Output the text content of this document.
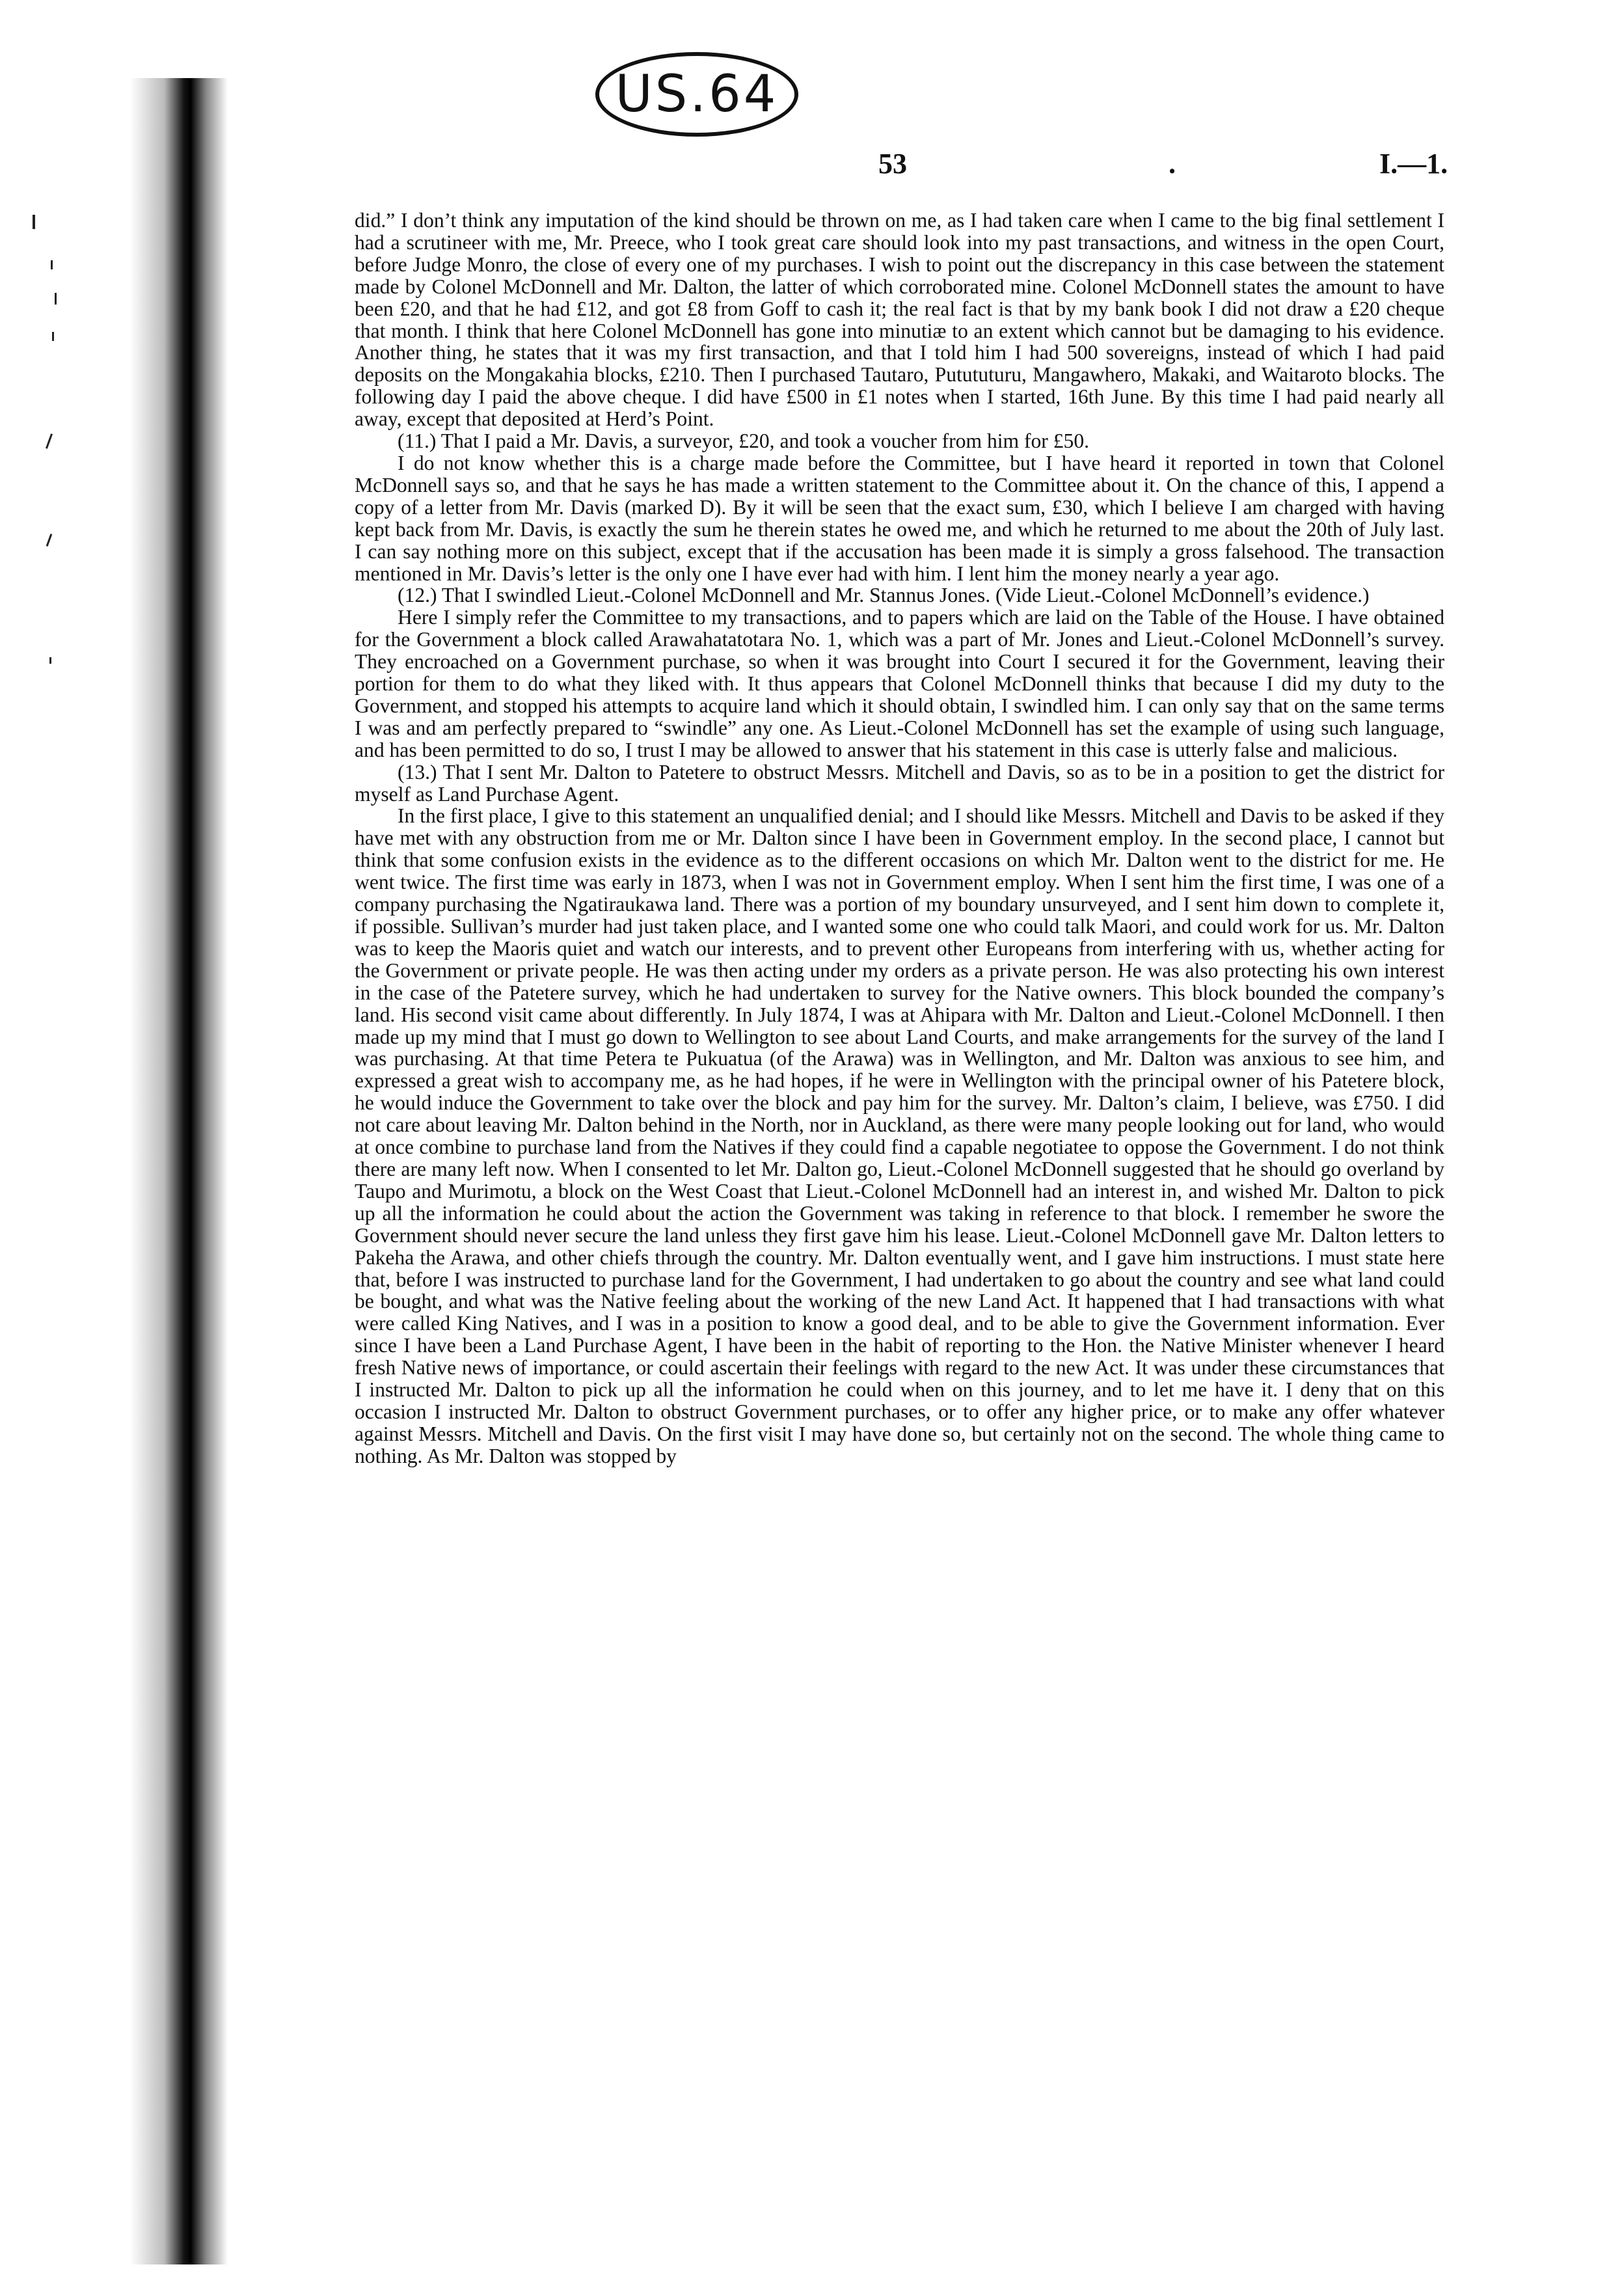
US.64
53	.	I.—1.

did.” I don’t think any imputation of the kind should be thrown on me, as I had taken care when I came to the big final settlement I had a scrutineer with me, Mr. Preece, who I took great care should look into my past transactions, and witness in the open Court, before Judge Monro, the close of every one of my purchases. I wish to point out the discrepancy in this case between the statement made by Colonel McDonnell and Mr. Dalton, the latter of which corroborated mine. Colonel McDonnell states the amount to have been £20, and that he had £12, and got £8 from Goff to cash it; the real fact is that by my bank book I did not draw a £20 cheque that month. I think that here Colonel McDonnell has gone into minutiæ to an extent which cannot but be damaging to his evidence. Another thing, he states that it was my first transaction, and that I told him I had 500 sovereigns, instead of which I had paid deposits on the Mongakahia blocks, £210. Then I purchased Tautaro, Putututuru, Mangawhero, Makaki, and Waitaroto blocks. The following day I paid the above cheque. I did have £500 in £1 notes when I started, 16th June. By this time I had paid nearly all away, except that deposited at Herd’s Point.

(11.) That I paid a Mr. Davis, a surveyor, £20, and took a voucher from him for £50.

I do not know whether this is a charge made before the Committee, but I have heard it reported in town that Colonel McDonnell says so, and that he says he has made a written statement to the Committee about it. On the chance of this, I append a copy of a letter from Mr. Davis (marked D). By it will be seen that the exact sum, £30, which I believe I am charged with having kept back from Mr. Davis, is exactly the sum he therein states he owed me, and which he returned to me about the 20th of July last. I can say nothing more on this subject, except that if the accusation has been made it is simply a gross falsehood. The transaction mentioned in Mr. Davis’s letter is the only one I have ever had with him. I lent him the money nearly a year ago.

(12.) That I swindled Lieut.-Colonel McDonnell and Mr. Stannus Jones. (Vide Lieut.-Colonel McDonnell’s evidence.)

Here I simply refer the Committee to my transactions, and to papers which are laid on the Table of the House. I have obtained for the Government a block called Arawahatatotara No. 1, which was a part of Mr. Jones and Lieut.-Colonel McDonnell’s survey. They encroached on a Government purchase, so when it was brought into Court I secured it for the Government, leaving their portion for them to do what they liked with. It thus appears that Colonel McDonnell thinks that because I did my duty to the Government, and stopped his attempts to acquire land which it should obtain, I swindled him. I can only say that on the same terms I was and am perfectly prepared to “swindle” any one. As Lieut.-Colonel McDonnell has set the example of using such language, and has been permitted to do so, I trust I may be allowed to answer that his statement in this case is utterly false and malicious.

(13.) That I sent Mr. Dalton to Patetere to obstruct Messrs. Mitchell and Davis, so as to be in a position to get the district for myself as Land Purchase Agent.

In the first place, I give to this statement an unqualified denial; and I should like Messrs. Mitchell and Davis to be asked if they have met with any obstruction from me or Mr. Dalton since I have been in Government employ. In the second place, I cannot but think that some confusion exists in the evidence as to the different occasions on which Mr. Dalton went to the district for me. He went twice. The first time was early in 1873, when I was not in Government employ. When I sent him the first time, I was one of a company purchasing the Ngatiraukawa land. There was a portion of my boundary unsurveyed, and I sent him down to complete it, if possible. Sullivan’s murder had just taken place, and I wanted some one who could talk Maori, and could work for us. Mr. Dalton was to keep the Maoris quiet and watch our interests, and to prevent other Europeans from interfering with us, whether acting for the Government or private people. He was then acting under my orders as a private person. He was also protecting his own interest in the case of the Patetere survey, which he had undertaken to survey for the Native owners. This block bounded the company’s land. His second visit came about differently. In July 1874, I was at Ahipara with Mr. Dalton and Lieut.-Colonel McDonnell. I then made up my mind that I must go down to Wellington to see about Land Courts, and make arrangements for the survey of the land I was purchasing. At that time Petera te Pukuatua (of the Arawa) was in Wellington, and Mr. Dalton was anxious to see him, and expressed a great wish to accompany me, as he had hopes, if he were in Wellington with the principal owner of his Patetere block, he would induce the Government to take over the block and pay him for the survey. Mr. Dalton’s claim, I believe, was £750. I did not care about leaving Mr. Dalton behind in the North, nor in Auckland, as there were many people looking out for land, who would at once combine to purchase land from the Natives if they could find a capable negotiatee to oppose the Government. I do not think there are many left now. When I consented to let Mr. Dalton go, Lieut.-Colonel McDonnell suggested that he should go overland by Taupo and Murimotu, a block on the West Coast that Lieut.-Colonel McDonnell had an interest in, and wished Mr. Dalton to pick up all the information he could about the action the Government was taking in reference to that block. I remember he swore the Government should never secure the land unless they first gave him his lease. Lieut.-Colonel McDonnell gave Mr. Dalton letters to Pakeha the Arawa, and other chiefs through the country. Mr. Dalton eventually went, and I gave him instructions. I must state here that, before I was instructed to purchase land for the Government, I had undertaken to go about the country and see what land could be bought, and what was the Native feeling about the working of the new Land Act. It happened that I had transactions with what were called King Natives, and I was in a position to know a good deal, and to be able to give the Government information. Ever since I have been a Land Purchase Agent, I have been in the habit of reporting to the Hon. the Native Minister whenever I heard fresh Native news of importance, or could ascertain their feelings with regard to the new Act. It was under these circumstances that I instructed Mr. Dalton to pick up all the information he could when on this journey, and to let me have it. I deny that on this occasion I instructed Mr. Dalton to obstruct Government purchases, or to offer any higher price, or to make any offer whatever against Messrs. Mitchell and Davis. On the first visit I may have done so, but certainly not on the second. The whole thing came to nothing. As Mr. Dalton was stopped by
